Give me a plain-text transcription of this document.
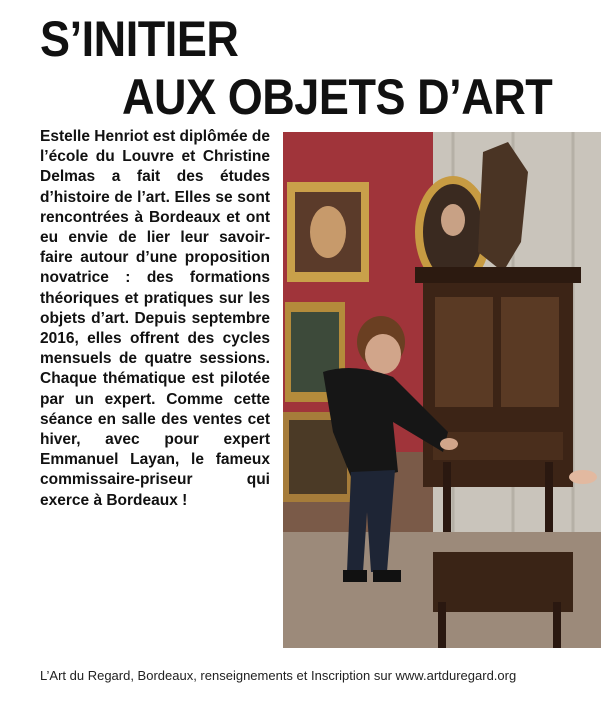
S’INITIER
AUX OBJETS D’ART

Estelle Henriot est diplômée de l’école du Louvre et Christine Delmas a fait des études d’histoire de l’art. Elles se sont rencontrées à Bordeaux et ont eu envie de lier leur savoir-faire autour d’une proposition novatrice : des formations théoriques et pratiques sur les objets d’art. Depuis septembre 2016, elles offrent des cycles mensuels de quatre sessions. Chaque thématique est pilotée par un expert. Comme cette séance en salle des ventes cet hiver, avec pour expert Emmanuel Layan, le fameux commissaire-priseur qui exerce à Bordeaux !

L’Art du Regard, Bordeaux, renseignements et Inscription sur www.artduregard.org
